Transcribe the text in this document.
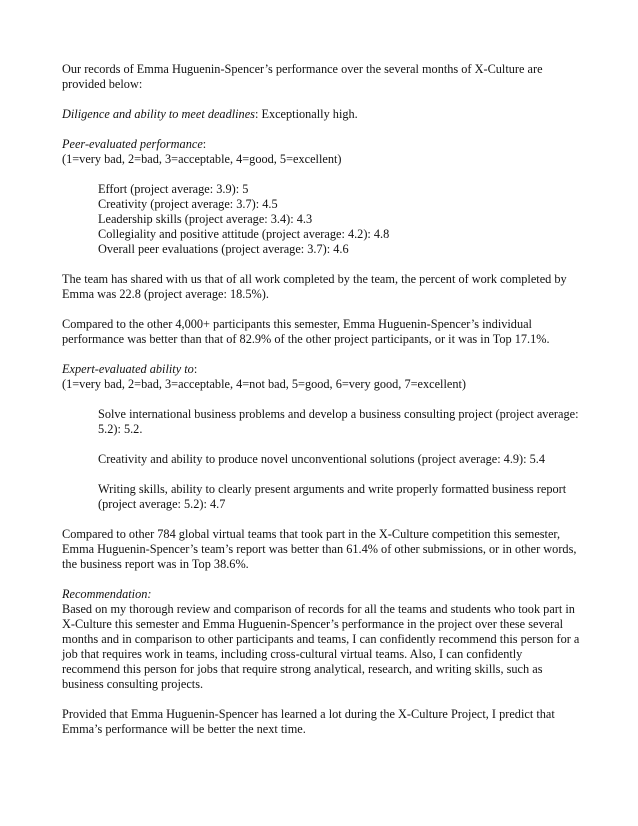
Our records of Emma Huguenin-Spencer’s performance over the several months of X-Culture are provided below:

Diligence and ability to meet deadlines: Exceptionally high.

Peer-evaluated performance:
(1=very bad, 2=bad, 3=acceptable, 4=good, 5=excellent)
Effort (project average: 3.9): 5
Creativity (project average: 3.7): 4.5
Leadership skills (project average: 3.4): 4.3
Collegiality and positive attitude (project average: 4.2): 4.8
Overall peer evaluations (project average: 3.7): 4.6

The team has shared with us that of all work completed by the team, the percent of work completed by Emma was 22.8 (project average: 18.5%).

Compared to the other 4,000+ participants this semester, Emma Huguenin-Spencer’s individual performance was better than that of 82.9% of the other project participants, or it was in Top 17.1%.

Expert-evaluated ability to:
(1=very bad, 2=bad, 3=acceptable, 4=not bad, 5=good, 6=very good, 7=excellent)

Solve international business problems and develop a business consulting project (project average: 5.2): 5.2.

Creativity and ability to produce novel unconventional solutions (project average: 4.9): 5.4

Writing skills, ability to clearly present arguments and write properly formatted business report (project average: 5.2): 4.7

Compared to other 784 global virtual teams that took part in the X-Culture competition this semester, Emma Huguenin-Spencer’s team’s report was better than 61.4% of other submissions, or in other words, the business report was in Top 38.6%.

Recommendation:

Based on my thorough review and comparison of records for all the teams and students who took part in X-Culture this semester and Emma Huguenin-Spencer’s performance in the project over these several months and in comparison to other participants and teams, I can confidently recommend this person for a job that requires work in teams, including cross-cultural virtual teams. Also, I can confidently recommend this person for jobs that require strong analytical, research, and writing skills, such as business consulting projects.

Provided that Emma Huguenin-Spencer has learned a lot during the X-Culture Project, I predict that Emma’s performance will be better the next time.
